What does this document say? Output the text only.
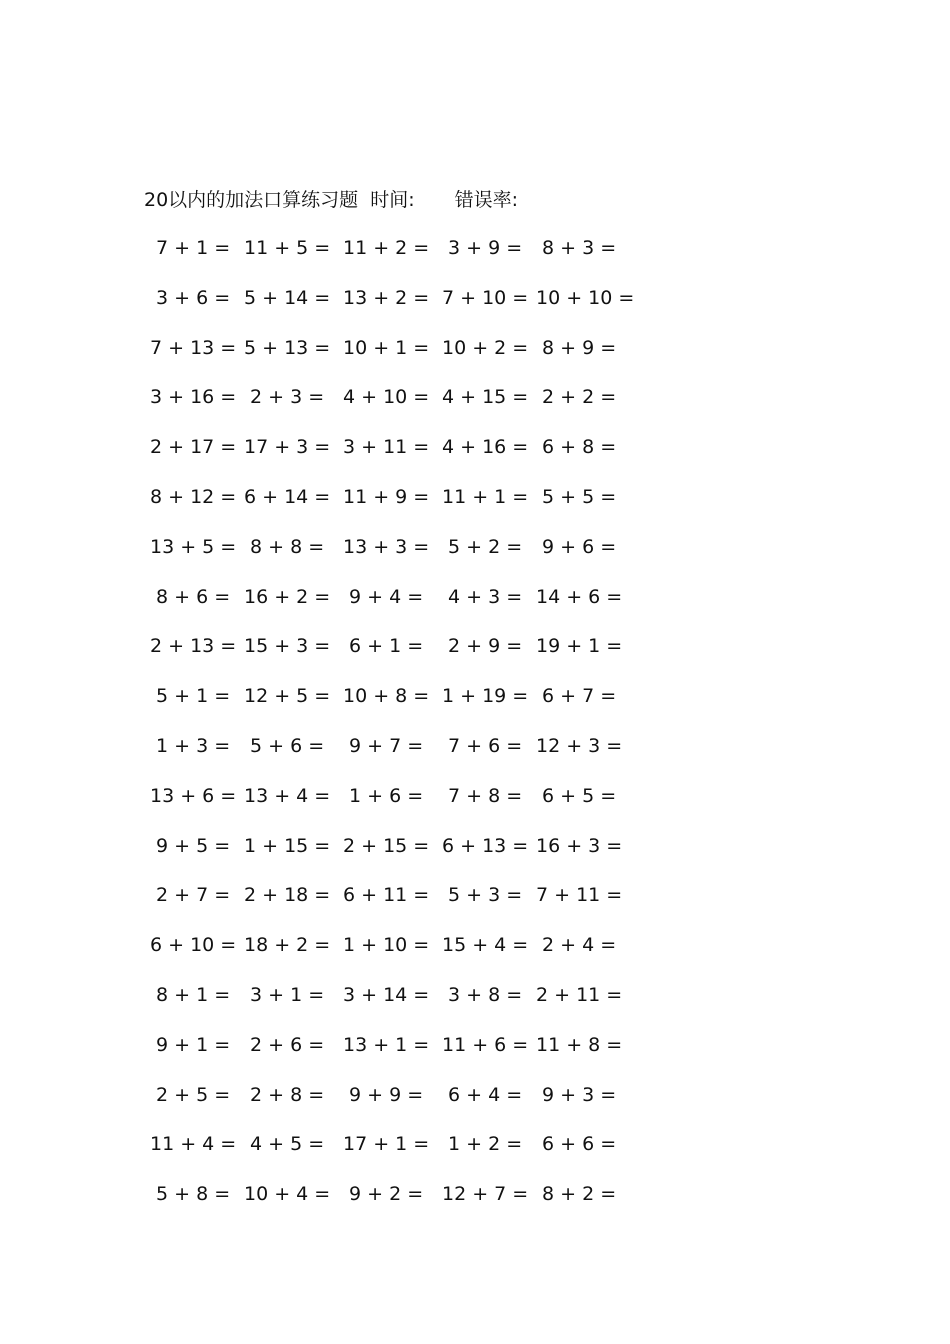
20以内的加法口算练习题 时间: 错误率:
7 + 1 = 11 + 5 = 11 + 2 = 3 + 9 = 8 + 3 =
3 + 6 = 5 + 14 = 13 + 2 = 7 + 10 = 10 + 10 =
7 + 13 = 5 + 13 = 10 + 1 = 10 + 2 = 8 + 9 =
3 + 16 = 2 + 3 = 4 + 10 = 4 + 15 = 2 + 2 =
2 + 17 = 17 + 3 = 3 + 11 = 4 + 16 = 6 + 8 =
8 + 12 = 6 + 14 = 11 + 9 = 11 + 1 = 5 + 5 =
13 + 5 = 8 + 8 = 13 + 3 = 5 + 2 = 9 + 6 =
8 + 6 = 16 + 2 = 9 + 4 = 4 + 3 = 14 + 6 =
2 + 13 = 15 + 3 = 6 + 1 = 2 + 9 = 19 + 1 =
5 + 1 = 12 + 5 = 10 + 8 = 1 + 19 = 6 + 7 =
1 + 3 = 5 + 6 = 9 + 7 = 7 + 6 = 12 + 3 =
13 + 6 = 13 + 4 = 1 + 6 = 7 + 8 = 6 + 5 =
9 + 5 = 1 + 15 = 2 + 15 = 6 + 13 = 16 + 3 =
2 + 7 = 2 + 18 = 6 + 11 = 5 + 3 = 7 + 11 =
6 + 10 = 18 + 2 = 1 + 10 = 15 + 4 = 2 + 4 =
8 + 1 = 3 + 1 = 3 + 14 = 3 + 8 = 2 + 11 =
9 + 1 = 2 + 6 = 13 + 1 = 11 + 6 = 11 + 8 =
2 + 5 = 2 + 8 = 9 + 9 = 6 + 4 = 9 + 3 =
11 + 4 = 4 + 5 = 17 + 1 = 1 + 2 = 6 + 6 =
5 + 8 = 10 + 4 = 9 + 2 = 12 + 7 = 8 + 2 =
